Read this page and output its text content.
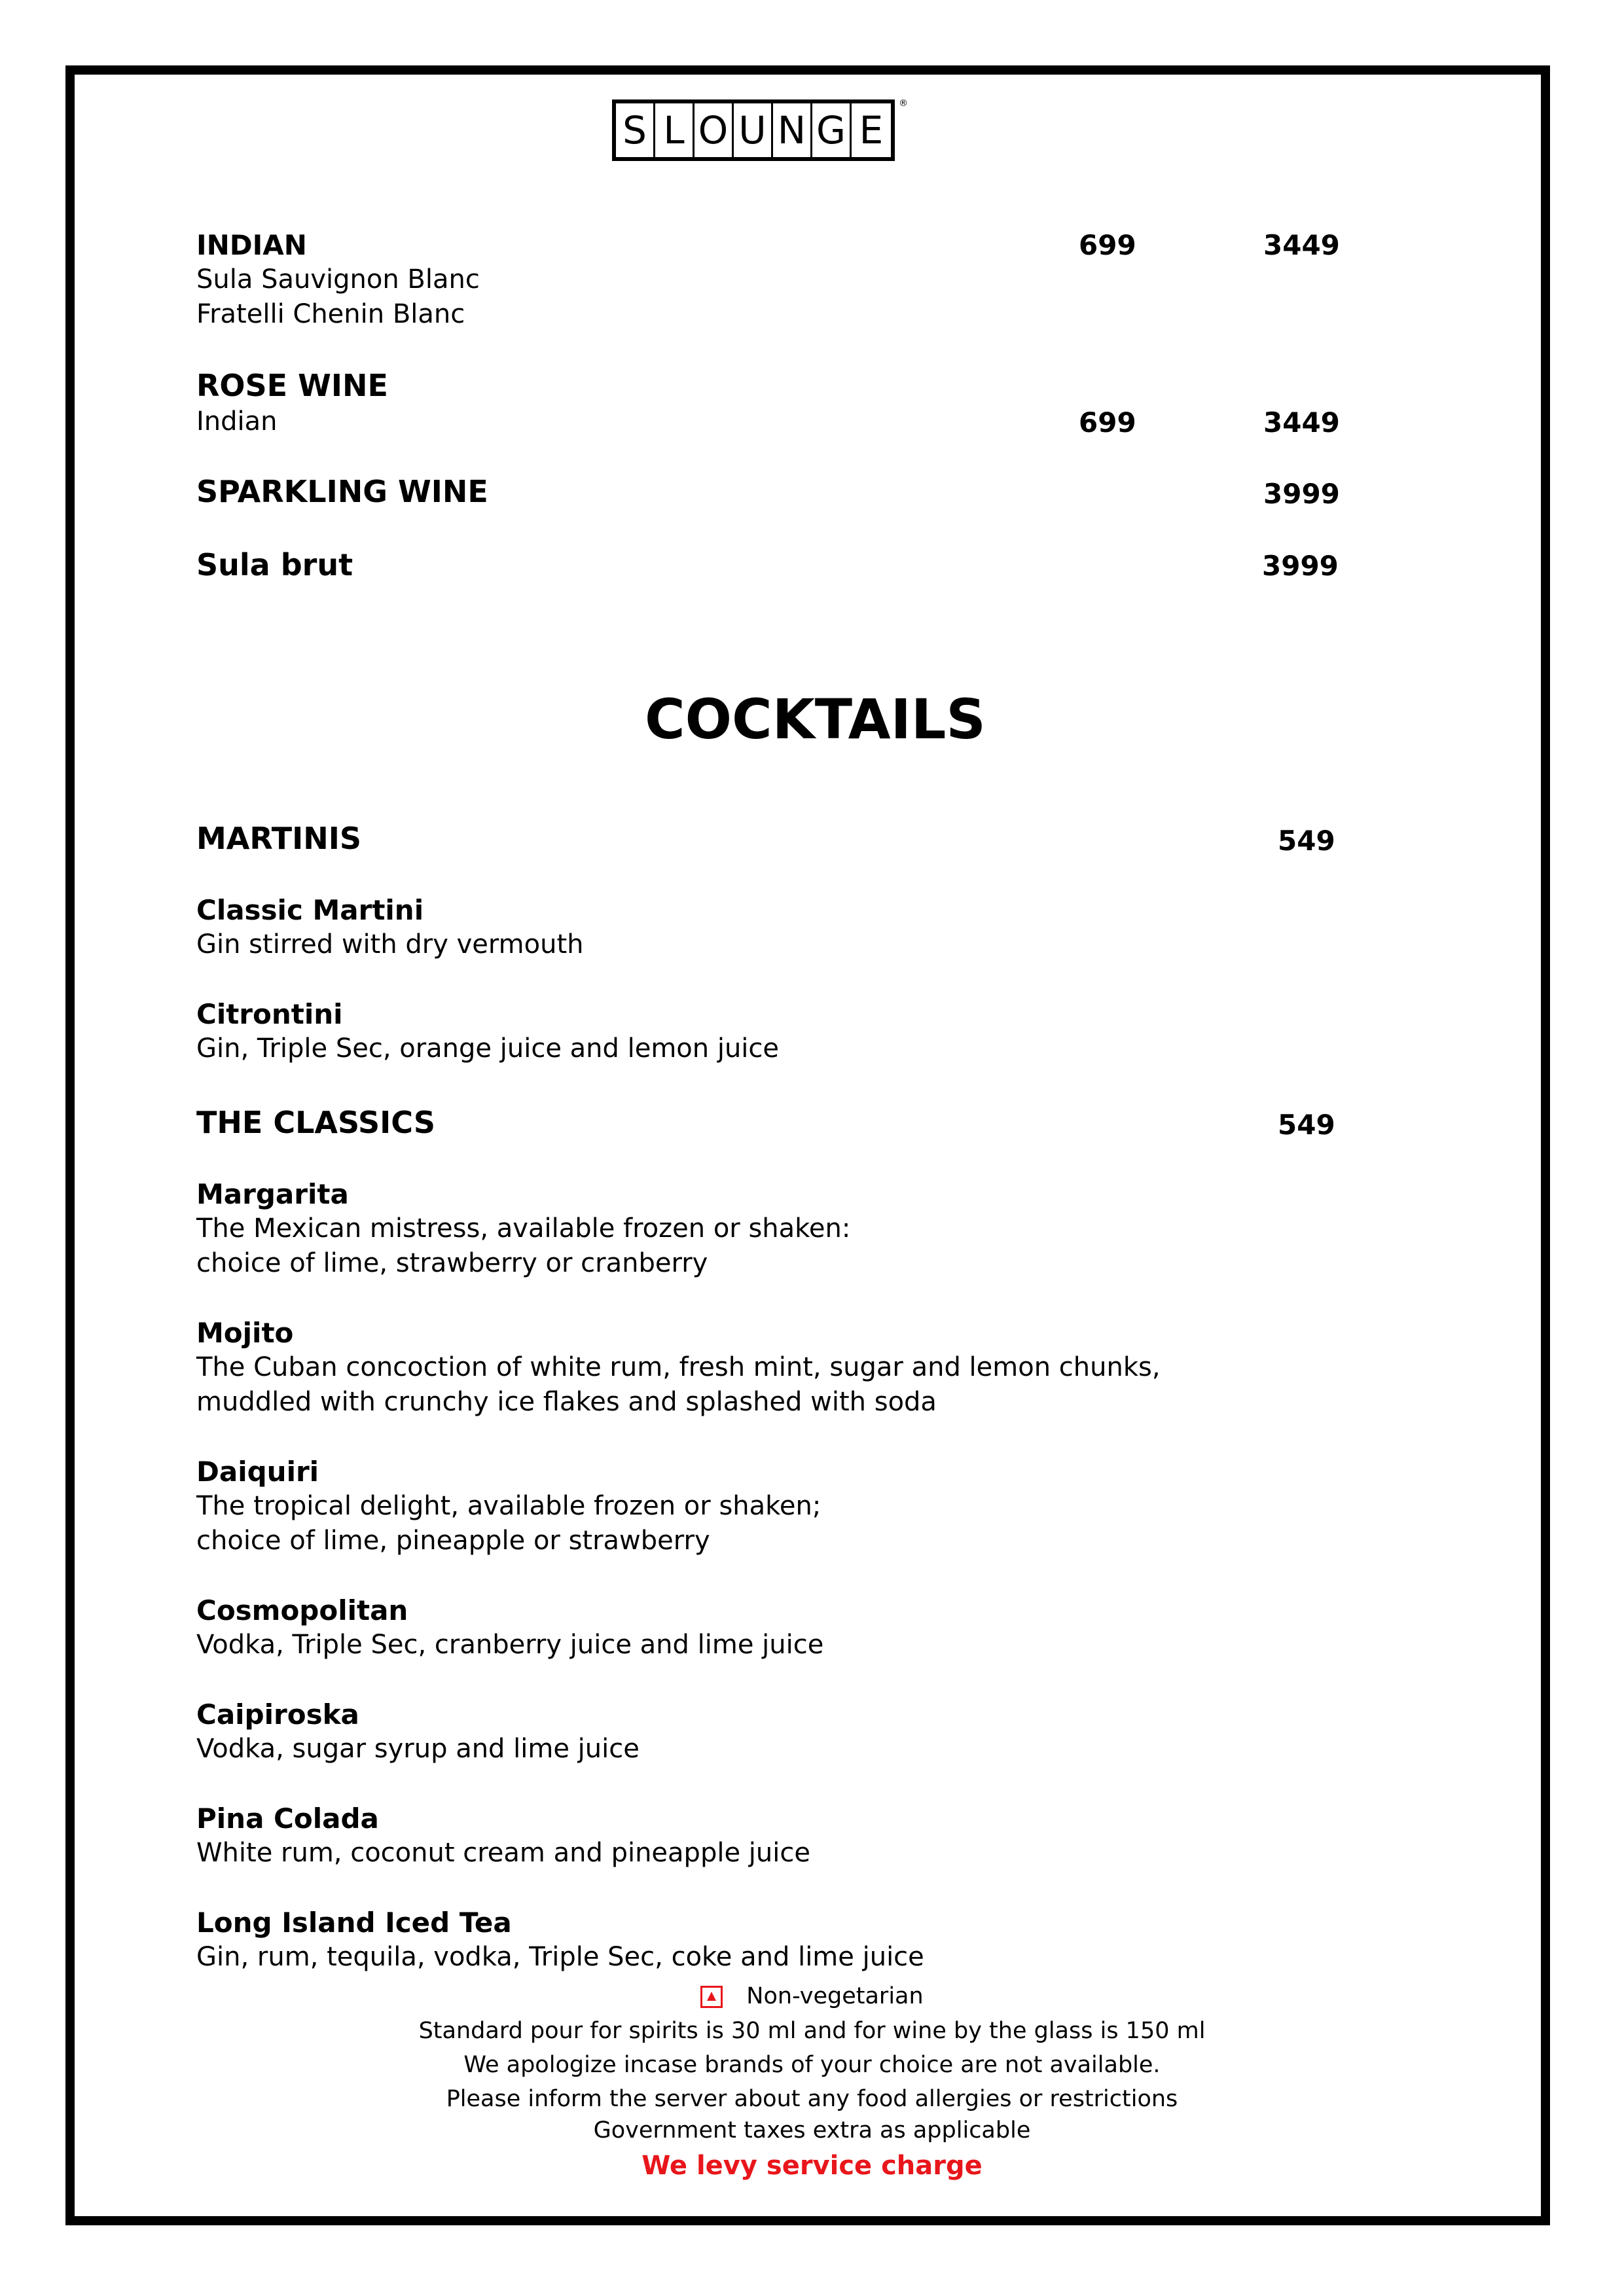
S L O U N G E
®
INDIAN	699	3449
Sula Sauvignon Blanc
Fratelli Chenin Blanc
ROSE WINE
Indian	699	3449
SPARKLING WINE	3999
Sula brut	3999
COCKTAILS
MARTINIS	549
Classic Martini
Gin stirred with dry vermouth
Citrontini
Gin, Triple Sec, orange juice and lemon juice
THE CLASSICS	549
Margarita
The Mexican mistress, available frozen or shaken:
choice of lime, strawberry or cranberry
Mojito
The Cuban concoction of white rum, fresh mint, sugar and lemon chunks,
muddled with crunchy ice flakes and splashed with soda
Daiquiri
The tropical delight, available frozen or shaken;
choice of lime, pineapple or strawberry
Cosmopolitan
Vodka, Triple Sec, cranberry juice and lime juice
Caipiroska
Vodka, sugar syrup and lime juice
Pina Colada
White rum, coconut cream and pineapple juice
Long Island Iced Tea
Gin, rum, tequila, vodka, Triple Sec, coke and lime juice
Non-vegetarian
Standard pour for spirits is 30 ml and for wine by the glass is 150 ml
We apologize incase brands of your choice are not available.
Please inform the server about any food allergies or restrictions
Government taxes extra as applicable
We levy service charge
